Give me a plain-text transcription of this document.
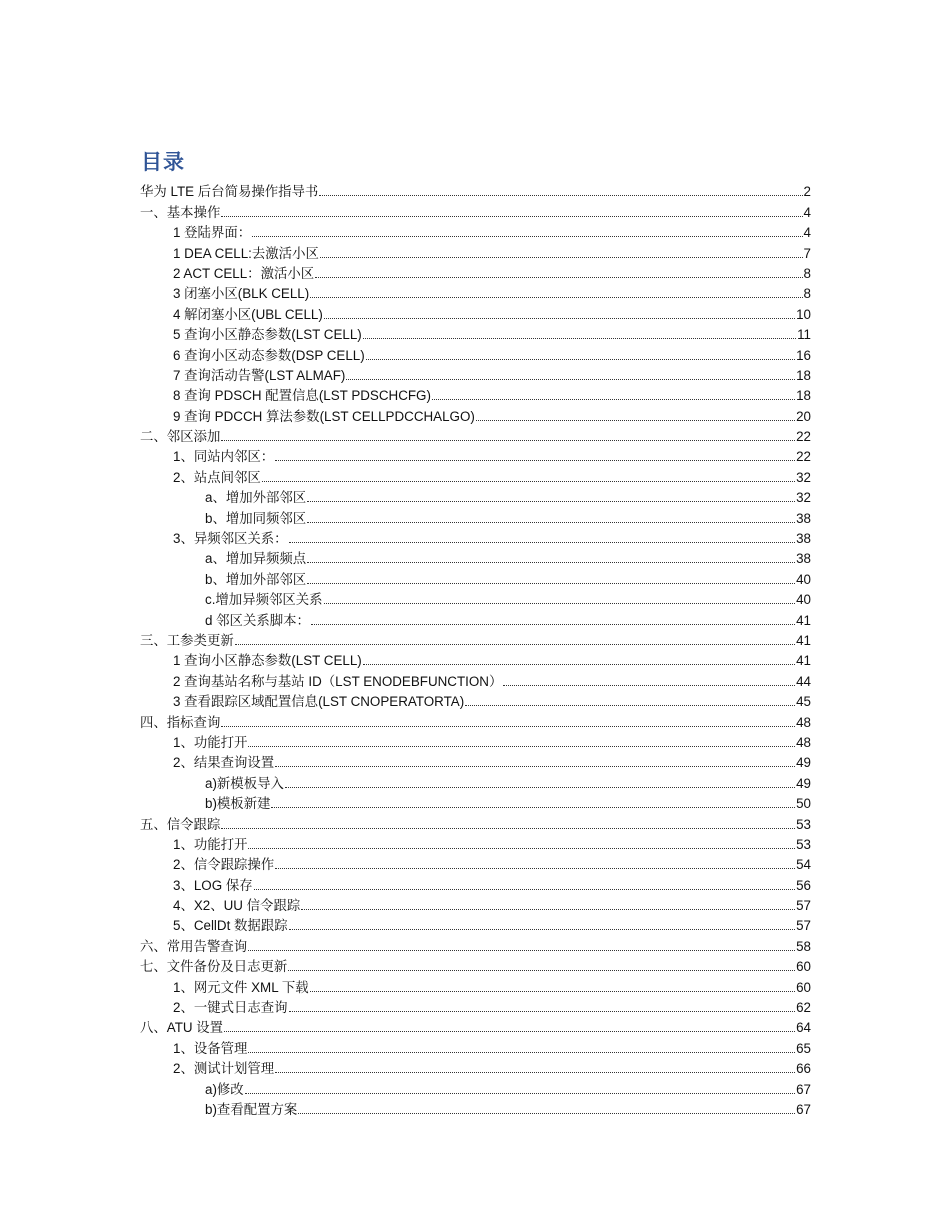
目录
华为 LTE 后台简易操作指导书	2
一、基本操作	4
1 登陆界面：	4
1 DEA CELL:去激活小区	7
2 ACT CELL：激活小区	8
3 闭塞小区(BLK CELL)	8
4 解闭塞小区(UBL CELL)	10
5 查询小区静态参数(LST CELL)	11
6 查询小区动态参数(DSP CELL)	16
7 查询活动告警(LST ALMAF)	18
8 查询 PDSCH 配置信息(LST PDSCHCFG)	18
9 查询 PDCCH 算法参数(LST CELLPDCCHALGO)	20
二、邻区添加	22
1、同站内邻区：	22
2、站点间邻区	32
a、增加外部邻区	32
b、增加同频邻区	38
3、异频邻区关系：	38
a、增加异频频点	38
b、增加外部邻区	40
c.增加异频邻区关系	40
d 邻区关系脚本：	41
三、工参类更新	41
1 查询小区静态参数(LST CELL)	41
2 查询基站名称与基站 ID（LST ENODEBFUNCTION）	44
3 查看跟踪区域配置信息(LST CNOPERATORTA)	45
四、指标查询	48
1、功能打开	48
2、结果查询设置	49
a)新模板导入	49
b)模板新建	50
五、信令跟踪	53
1、功能打开	53
2、信令跟踪操作	54
3、LOG 保存	56
4、X2、UU 信令跟踪	57
5、CellDt 数据跟踪	57
六、常用告警查询	58
七、文件备份及日志更新	60
1、网元文件 XML 下载	60
2、一键式日志查询	62
八、ATU 设置	64
1、设备管理	65
2、测试计划管理	66
a)修改	67
b)查看配置方案	67
